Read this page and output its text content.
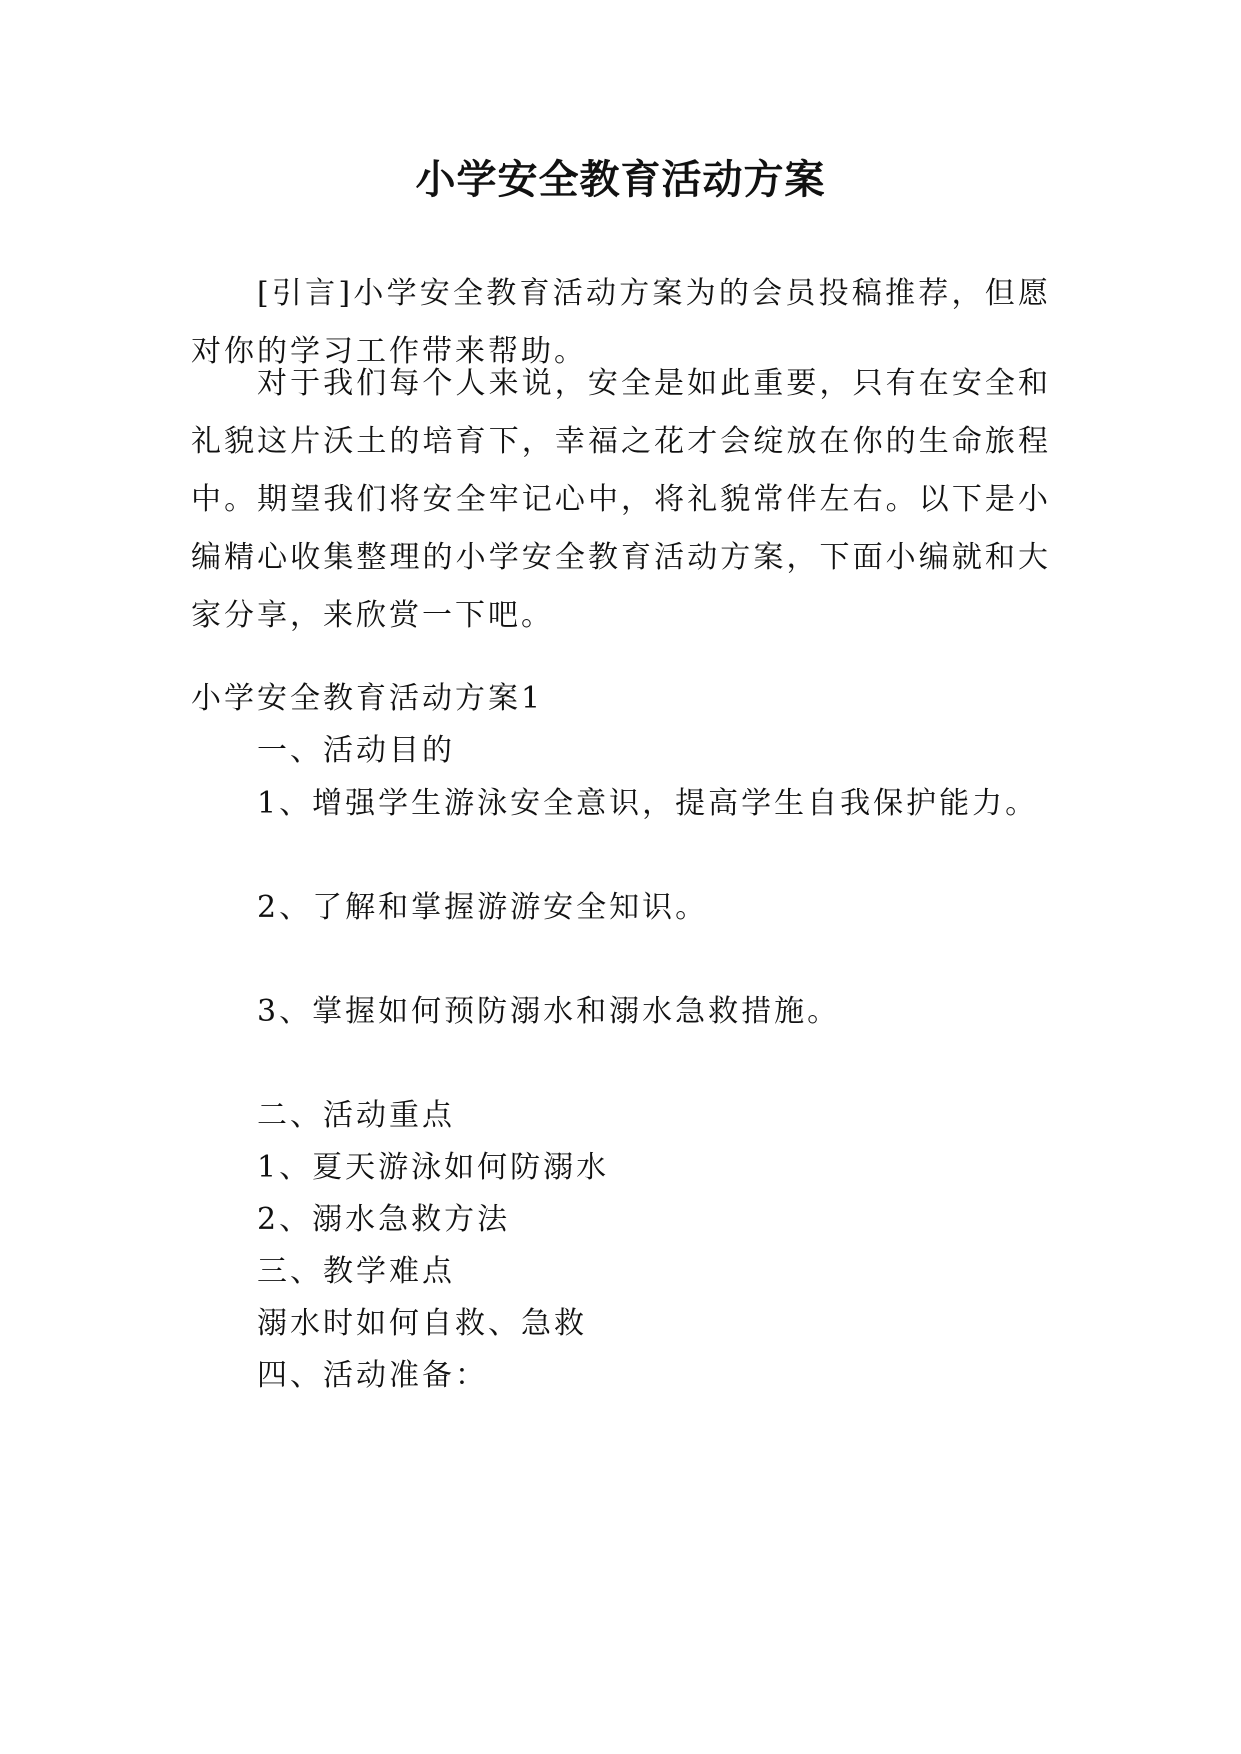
小学安全教育活动方案

[引言]小学安全教育活动方案为的会员投稿推荐，但愿对你的学习工作带来帮助。

对于我们每个人来说，安全是如此重要，只有在安全和礼貌这片沃土的培育下，幸福之花才会绽放在你的生命旅程中。期望我们将安全牢记心中，将礼貌常伴左右。以下是小编精心收集整理的小学安全教育活动方案，下面小编就和大家分享，来欣赏一下吧。

小学安全教育活动方案1

一、活动目的

1、增强学生游泳安全意识，提高学生自我保护能力。

2、了解和掌握游游安全知识。

3、掌握如何预防溺水和溺水急救措施。

二、活动重点

1、夏天游泳如何防溺水

2、溺水急救方法

三、教学难点

溺水时如何自救、急救

四、活动准备：
